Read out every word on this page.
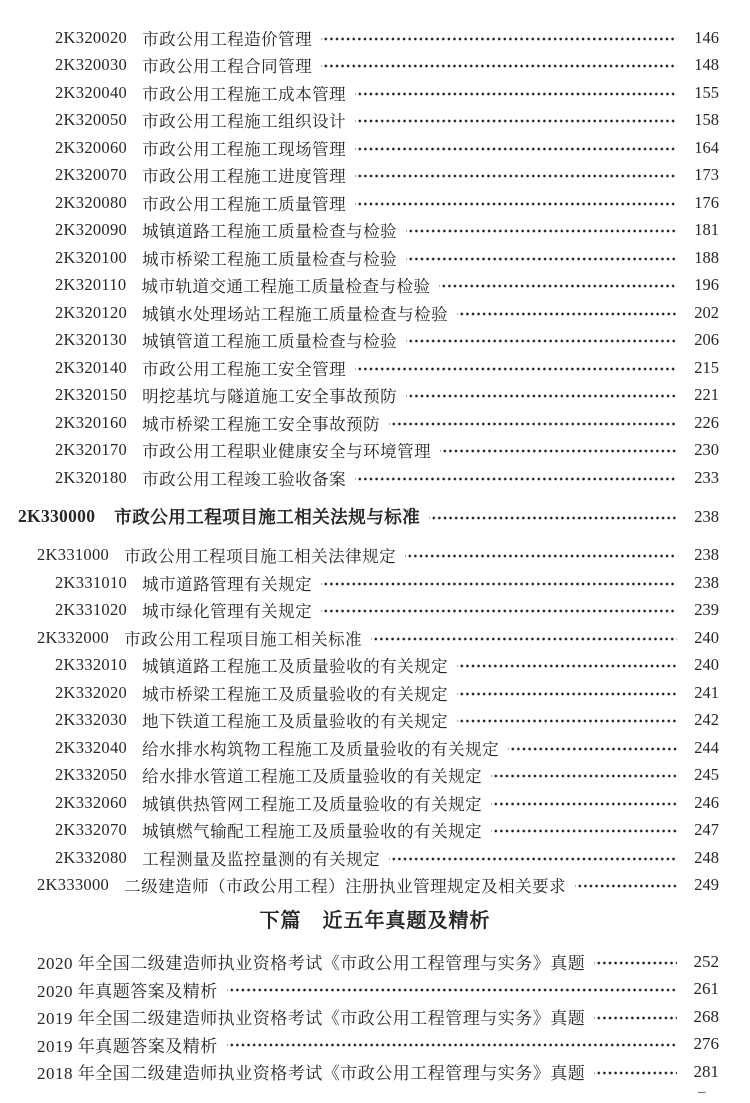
2K320020 市政公用工程造价管理	146
2K320030 市政公用工程合同管理	148
2K320040 市政公用工程施工成本管理	155
2K320050 市政公用工程施工组织设计	158
2K320060 市政公用工程施工现场管理	164
2K320070 市政公用工程施工进度管理	173
2K320080 市政公用工程施工质量管理	176
2K320090 城镇道路工程施工质量检查与检验	181
2K320100 城市桥梁工程施工质量检查与检验	188
2K320110 城市轨道交通工程施工质量检查与检验	196
2K320120 城镇水处理场站工程施工质量检查与检验	202
2K320130 城镇管道工程施工质量检查与检验	206
2K320140 市政公用工程施工安全管理	215
2K320150 明挖基坑与隧道施工安全事故预防	221
2K320160 城市桥梁工程施工安全事故预防	226
2K320170 市政公用工程职业健康安全与环境管理	230
2K320180 市政公用工程竣工验收备案	233
2K330000 市政公用工程项目施工相关法规与标准	238
2K331000 市政公用工程项目施工相关法律规定	238
2K331010 城市道路管理有关规定	238
2K331020 城市绿化管理有关规定	239
2K332000 市政公用工程项目施工相关标准	240
2K332010 城镇道路工程施工及质量验收的有关规定	240
2K332020 城市桥梁工程施工及质量验收的有关规定	241
2K332030 地下铁道工程施工及质量验收的有关规定	242
2K332040 给水排水构筑物工程施工及质量验收的有关规定	244
2K332050 给水排水管道工程施工及质量验收的有关规定	245
2K332060 城镇供热管网工程施工及质量验收的有关规定	246
2K332070 城镇燃气输配工程施工及质量验收的有关规定	247
2K332080 工程测量及监控量测的有关规定	248
2K333000 二级建造师（市政公用工程）注册执业管理规定及相关要求	249
下篇　近五年真题及精析
2020 年全国二级建造师执业资格考试《市政公用工程管理与实务》真题	252
2020 年真题答案及精析	261
2019 年全国二级建造师执业资格考试《市政公用工程管理与实务》真题	268
2019 年真题答案及精析	276
2018 年全国二级建造师执业资格考试《市政公用工程管理与实务》真题	281
–
